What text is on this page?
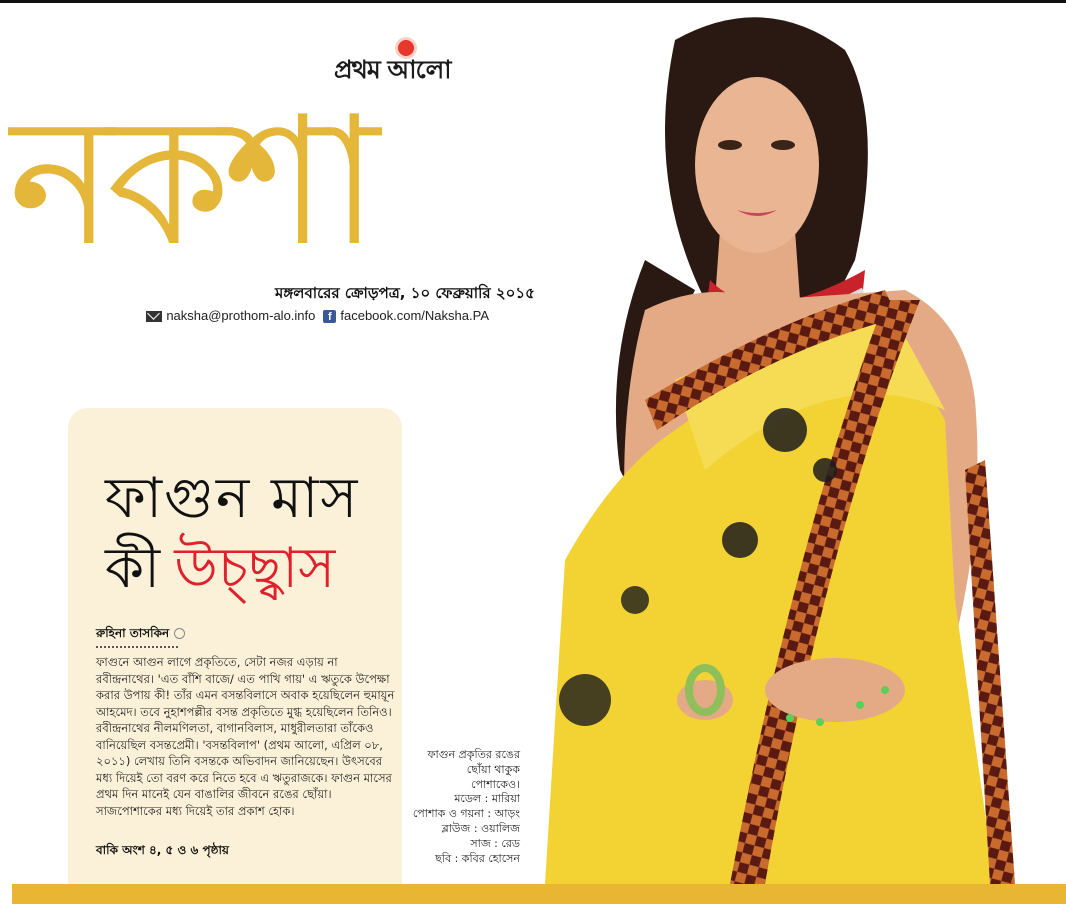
প্রথম আলো
নকশা
মঙ্গলবারের ক্রোড়পত্র, ১০ ফেব্রুয়ারি ২০১৫
naksha@prothom-alo.info f facebook.com/Naksha.PA
ফাগুন মাস
কী উচ্ছ্বাস
রুহিনা তাসকিন
ফাগুনে আগুন লাগে প্রকৃতিতে, সেটা নজর এড়ায় না রবীন্দ্রনাথের। 'এত বাঁশি বাজে/ এত পাখি গায়' এ ঋতুকে উপেক্ষা করার উপায় কী! তাঁর এমন বসন্তবিলাসে অবাক হয়েছিলেন হুমায়ূন আহমেদ। তবে নুহাশপল্লীর বসন্ত প্রকৃতিতে মুগ্ধ হয়েছিলেন তিনিও। রবীন্দ্রনাথের নীলমণিলতা, বাগানবিলাস, মাধুরীলতারা তাঁকেও বানিয়েছিল বসন্তপ্রেমী। 'বসন্তবিলাপ' (প্রথম আলো, এপ্রিল ০৮, ২০১১) লেখায় তিনি বসন্তকে অভিবাদন জানিয়েছেন। উৎসবের মধ্য দিয়েই তো বরণ করে নিতে হবে এ ঋতুরাজকে। ফাগুন মাসের প্রথম দিন মানেই যেন বাঙালির জীবনে রঙের ছোঁয়া। সাজপোশাকের মধ্য দিয়েই তার প্রকাশ হোক।
বাকি অংশ ৪, ৫ ও ৬ পৃষ্ঠায়
ফাগুন প্রকৃতির রঙের
ছোঁয়া থাকুক
পোশাকেও।
মডেল : মারিয়া
পোশাক ও গয়না : আড়ং
ব্লাউজ : ওয়ালিজ
সাজ : রেড
ছবি : কবির হোসেন
